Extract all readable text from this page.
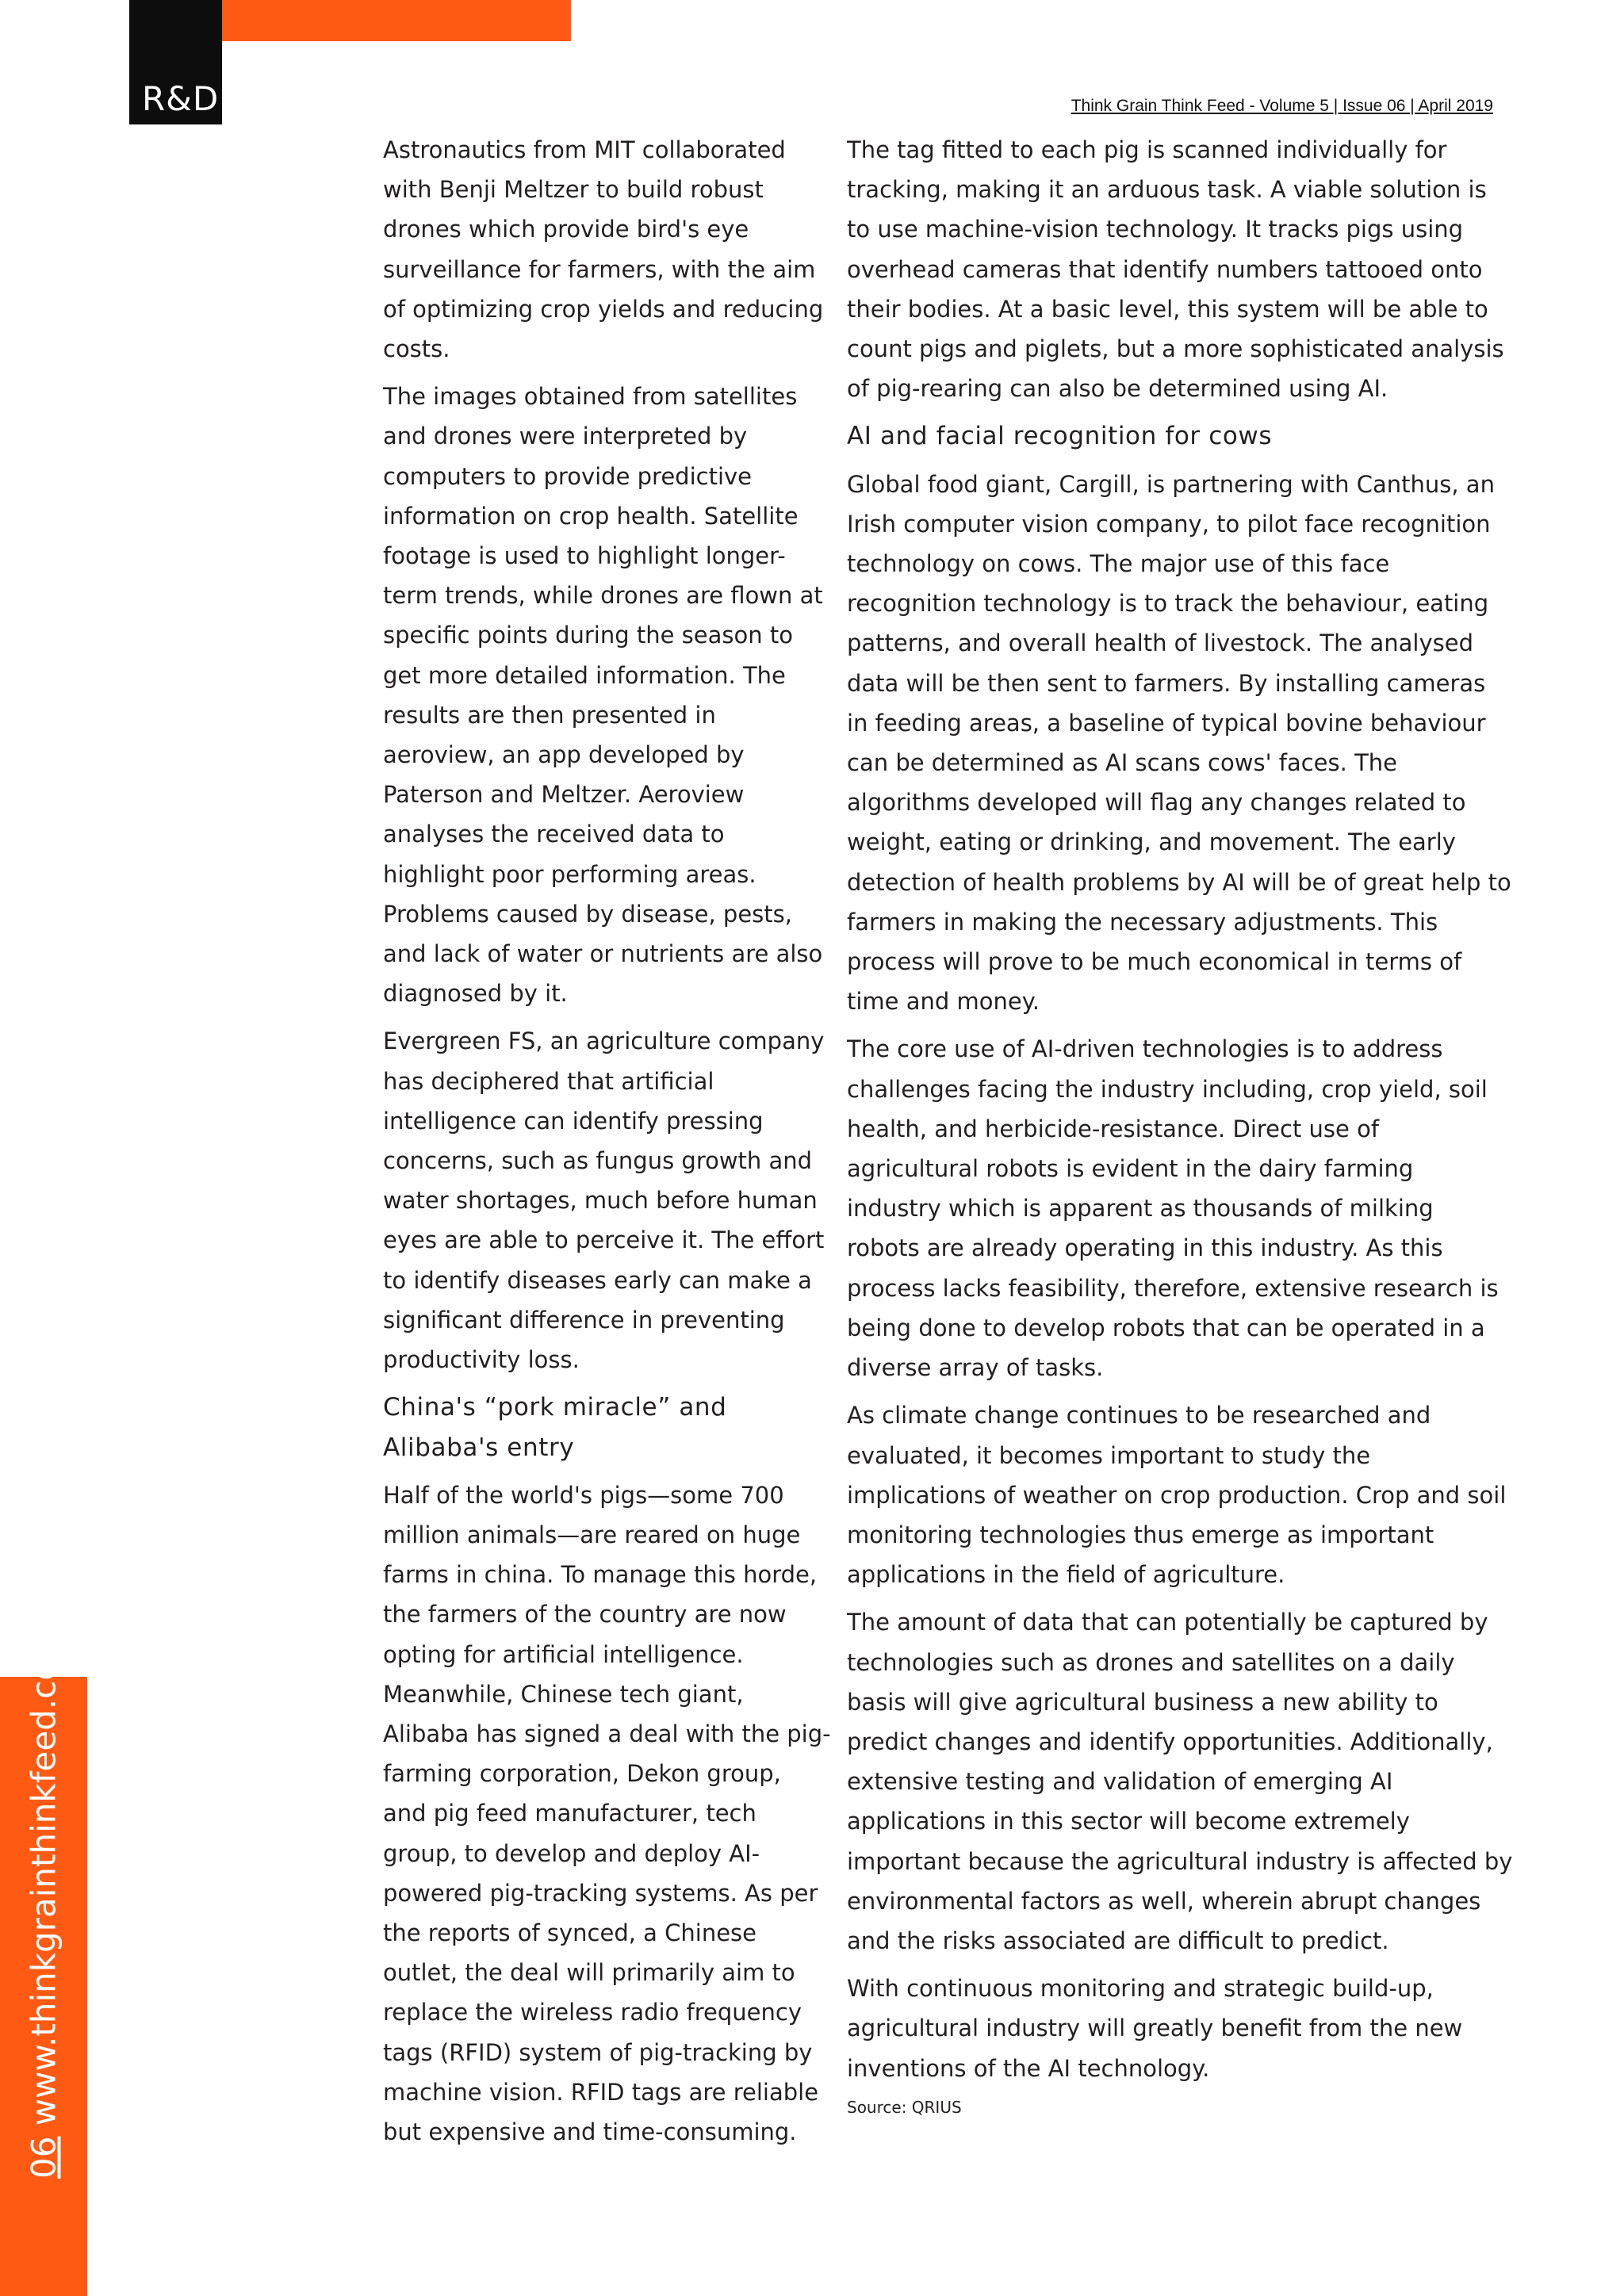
R&D	Think Grain Think Feed - Volume 5 | Issue 06 | April 2019
06 www.thinkgrainthinkfeed.co.in

Astronautics from MIT collaborated with Benji Meltzer to build robust drones which provide bird's eye surveillance for farmers, with the aim of optimizing crop yields and reducing costs.

The images obtained from satellites and drones were interpreted by computers to provide predictive information on crop health. Satellite footage is used to highlight longer-term trends, while drones are flown at specific points during the season to get more detailed information. The results are then presented in aeroview, an app developed by Paterson and Meltzer. Aeroview analyses the received data to highlight poor performing areas. Problems caused by disease, pests, and lack of water or nutrients are also diagnosed by it.

Evergreen FS, an agriculture company has deciphered that artificial intelligence can identify pressing concerns, such as fungus growth and water shortages, much before human eyes are able to perceive it. The effort to identify diseases early can make a significant difference in preventing productivity loss.

China's “pork miracle” and Alibaba's entry

Half of the world's pigs—some 700 million animals—are reared on huge farms in china. To manage this horde, the farmers of the country are now opting for artificial intelligence. Meanwhile, Chinese tech giant, Alibaba has signed a deal with the pig-farming corporation, Dekon group, and pig feed manufacturer, tech group, to develop and deploy AI-powered pig-tracking systems. As per the reports of synced, a Chinese outlet, the deal will primarily aim to replace the wireless radio frequency tags (RFID) system of pig-tracking by machine vision. RFID tags are reliable but expensive and time-consuming.

The tag fitted to each pig is scanned individually for tracking, making it an arduous task. A viable solution is to use machine-vision technology. It tracks pigs using overhead cameras that identify numbers tattooed onto their bodies. At a basic level, this system will be able to count pigs and piglets, but a more sophisticated analysis of pig-rearing can also be determined using AI.

AI and facial recognition for cows

Global food giant, Cargill, is partnering with Canthus, an Irish computer vision company, to pilot face recognition technology on cows. The major use of this face recognition technology is to track the behaviour, eating patterns, and overall health of livestock. The analysed data will be then sent to farmers. By installing cameras in feeding areas, a baseline of typical bovine behaviour can be determined as AI scans cows' faces. The algorithms developed will flag any changes related to weight, eating or drinking, and movement. The early detection of health problems by AI will be of great help to farmers in making the necessary adjustments. This process will prove to be much economical in terms of time and money.

The core use of AI-driven technologies is to address challenges facing the industry including, crop yield, soil health, and herbicide-resistance. Direct use of agricultural robots is evident in the dairy farming industry which is apparent as thousands of milking robots are already operating in this industry. As this process lacks feasibility, therefore, extensive research is being done to develop robots that can be operated in a diverse array of tasks.

As climate change continues to be researched and evaluated, it becomes important to study the implications of weather on crop production. Crop and soil monitoring technologies thus emerge as important applications in the field of agriculture.

The amount of data that can potentially be captured by technologies such as drones and satellites on a daily basis will give agricultural business a new ability to predict changes and identify opportunities. Additionally, extensive testing and validation of emerging AI applications in this sector will become extremely important because the agricultural industry is affected by environmental factors as well, wherein abrupt changes and the risks associated are difficult to predict.

With continuous monitoring and strategic build-up, agricultural industry will greatly benefit from the new inventions of the AI technology.

Source: QRIUS
